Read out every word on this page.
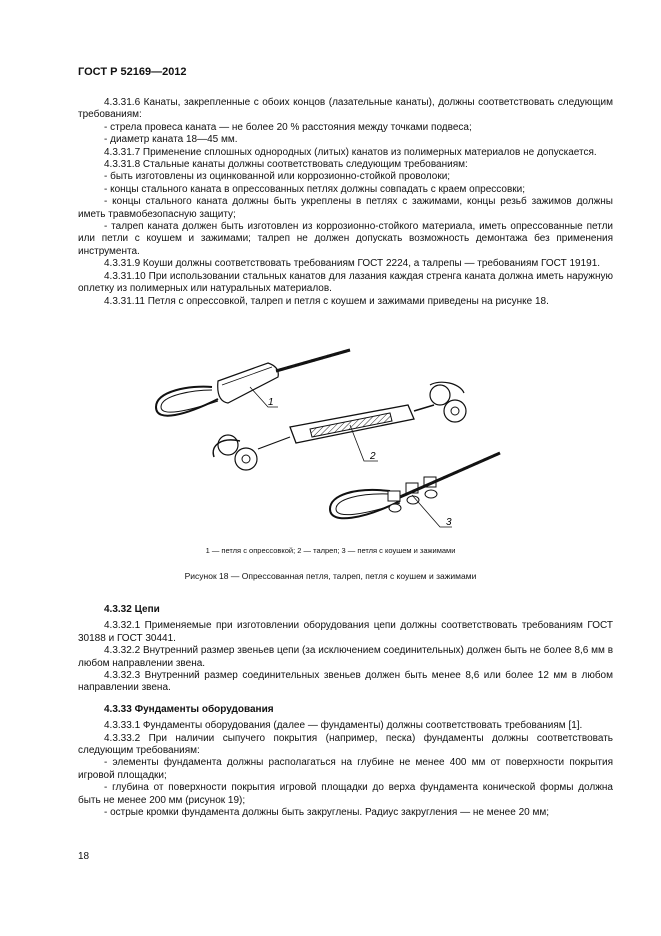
ГОСТ Р 52169—2012

4.3.31.6 Канаты, закрепленные с обоих концов (лазательные канаты), должны соответствовать следующим требованиям:

- стрела провеса каната — не более 20 % расстояния между точками подвеса;

- диаметр каната 18—45 мм.

4.3.31.7 Применение сплошных однородных (литых) канатов из полимерных материалов не допускается.

4.3.31.8 Стальные канаты должны соответствовать следующим требованиям:

- быть изготовлены из оцинкованной или коррозионно-стойкой проволоки;

- концы стального каната в опрессованных петлях должны совпадать с краем опрессовки;

- концы стального каната должны быть укреплены в петлях с зажимами, концы резьб зажимов должны иметь травмобезопасную защиту;

- талреп каната должен быть изготовлен из коррозионно-стойкого материала, иметь опрессованные петли или петли с коушем и зажимами; талреп не должен допускать возможность демонтажа без применения инструмента.

4.3.31.9 Коуши должны соответствовать требованиям ГОСТ 2224, а талрепы — требованиям ГОСТ 19191.

4.3.31.10 При использовании стальных канатов для лазания каждая стренга каната должна иметь наружную оплетку из полимерных или натуральных материалов.

4.3.31.11 Петля с опрессовкой, талреп и петля с коушем и зажимами приведены на рисунке 18.

1
2
3
1 — петля с опрессовкой; 2 — талреп; 3 — петля с коушем и зажимами
Рисунок 18 — Опрессованная петля, талреп, петля с коушем и зажимами

4.3.32 Цепи

4.3.32.1 Применяемые при изготовлении оборудования цепи должны соответствовать требованиям ГОСТ 30188 и ГОСТ 30441.

4.3.32.2 Внутренний размер звеньев цепи (за исключением соединительных) должен быть не более 8,6 мм в любом направлении звена.

4.3.32.3 Внутренний размер соединительных звеньев должен быть менее 8,6 или более 12 мм в любом направлении звена.

4.3.33 Фундаменты оборудования

4.3.33.1 Фундаменты оборудования (далее — фундаменты) должны соответствовать требованиям [1].

4.3.33.2 При наличии сыпучего покрытия (например, песка) фундаменты должны соответствовать следующим требованиям:

- элементы фундамента должны располагаться на глубине не менее 400 мм от поверхности покрытия игровой площадки;

- глубина от поверхности покрытия игровой площадки до верха фундамента конической формы должна быть не менее 200 мм (рисунок 19);

- острые кромки фундамента должны быть закруглены. Радиус закругления — не менее 20 мм;

18
